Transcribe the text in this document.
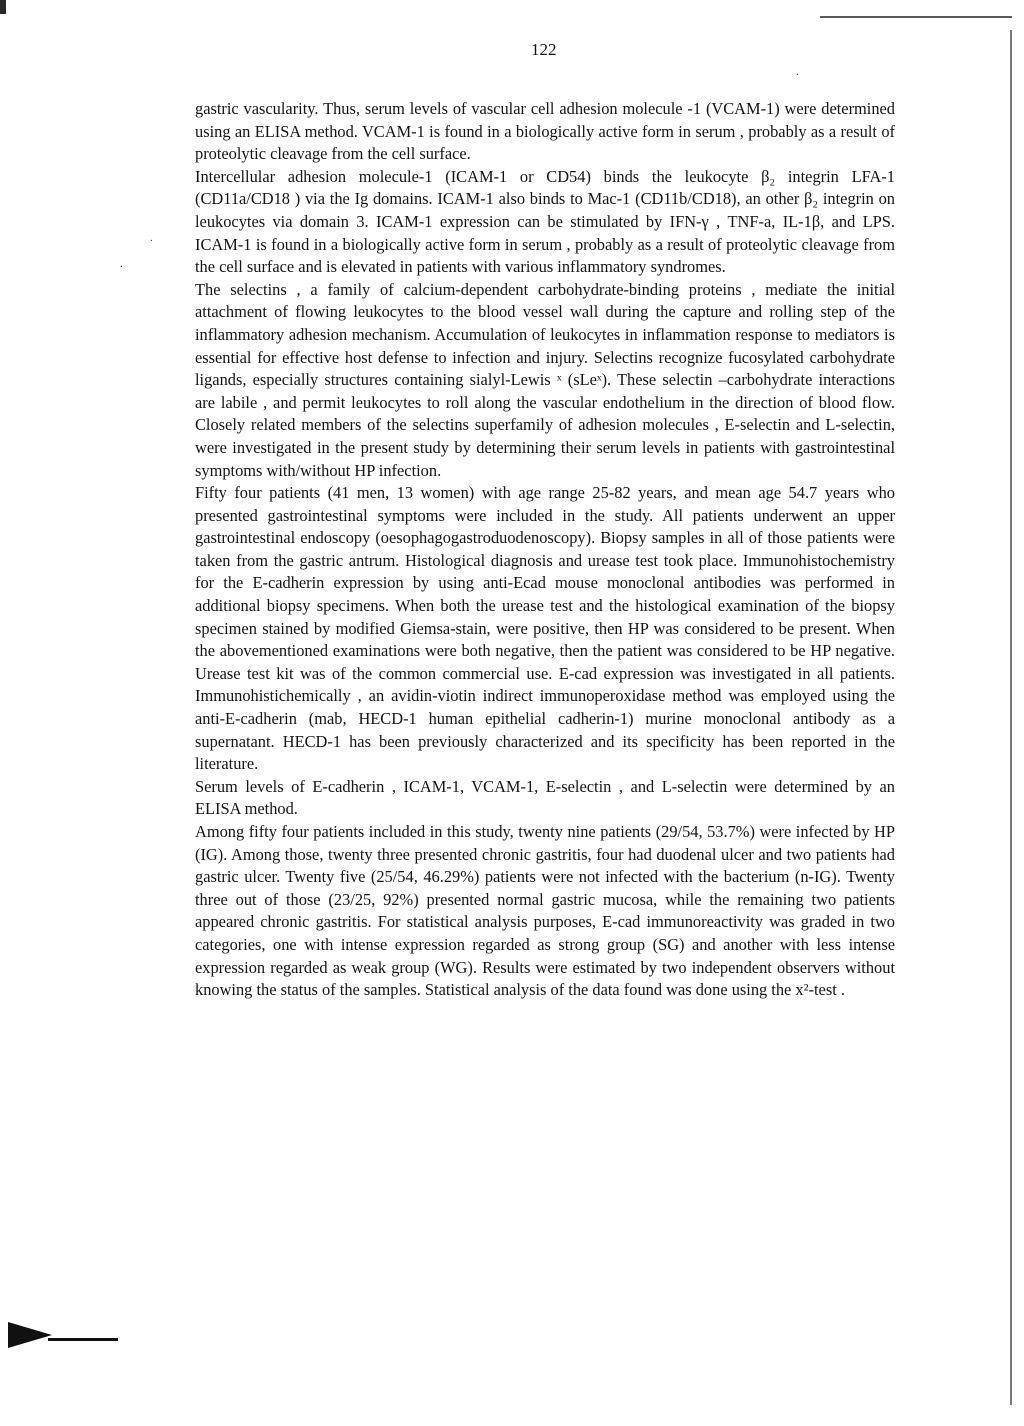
122
.
.
.

gastric vascularity. Thus, serum levels of vascular cell adhesion molecule -1 (VCAM-1) were determined using an ELISA method. VCAM-1 is found in a biologically active form in serum , probably as a result of proteolytic cleavage from the cell surface.

Intercellular adhesion molecule-1 (ICAM-1 or CD54) binds the leukocyte β₂ integrin LFA-1 (CD11a/CD18 ) via the Ig domains. ICAM-1 also binds to Mac-1 (CD11b/CD18), an other β₂ integrin on leukocytes via domain 3. ICAM-1 expression can be stimulated by IFN-γ , TNF-a, IL-1β, and LPS. ICAM-1 is found in a biologically active form in serum , probably as a result of proteolytic cleavage from the cell surface and is elevated in patients with various inflammatory syndromes.

The selectins , a family of calcium-dependent carbohydrate-binding proteins , mediate the initial attachment of flowing leukocytes to the blood vessel wall during the capture and rolling step of the inflammatory adhesion mechanism. Accumulation of leukocytes in inflammation response to mediators is essential for effective host defense to infection and injury. Selectins recognize fucosylated carbohydrate ligands, especially structures containing sialyl-Lewis ˣ (sLeˣ). These selectin –carbohydrate interactions are labile , and permit leukocytes to roll along the vascular endothelium in the direction of blood flow. Closely related members of the selectins superfamily of adhesion molecules , E-selectin and L-selectin, were investigated in the present study by determining their serum levels in patients with gastrointestinal symptoms with/without HP infection.

Fifty four patients (41 men, 13 women) with age range 25-82 years, and mean age 54.7 years who presented gastrointestinal symptoms were included in the study. All patients underwent an upper gastrointestinal endoscopy (oesophagogastroduodenoscopy). Biopsy samples in all of those patients were taken from the gastric antrum. Histological diagnosis and urease test took place. Immunohistochemistry for the E-cadherin expression by using anti-Ecad mouse monoclonal antibodies was performed in additional biopsy specimens. When both the urease test and the histological examination of the biopsy specimen stained by modified Giemsa-stain, were positive, then HP was considered to be present. When the abovementioned examinations were both negative, then the patient was considered to be HP negative. Urease test kit was of the common commercial use. E-cad expression was investigated in all patients. Immunohistichemically , an avidin-viotin indirect immunoperoxidase method was employed using the anti-E-cadherin (mab, HECD-1 human epithelial cadherin-1) murine monoclonal antibody as a supernatant. HECD-1 has been previously characterized and its specificity has been reported in the literature.

Serum levels of E-cadherin , ICAM-1, VCAM-1, E-selectin , and L-selectin were determined by an ELISA method.

Among fifty four patients included in this study, twenty nine patients (29/54, 53.7%) were infected by HP (IG). Among those, twenty three presented chronic gastritis, four had duodenal ulcer and two patients had gastric ulcer. Twenty five (25/54, 46.29%) patients were not infected with the bacterium (n-IG). Twenty three out of those (23/25, 92%) presented normal gastric mucosa, while the remaining two patients appeared chronic gastritis. For statistical analysis purposes, E-cad immunoreactivity was graded in two categories, one with intense expression regarded as strong group (SG) and another with less intense expression regarded as weak group (WG). Results were estimated by two independent observers without knowing the status of the samples. Statistical analysis of the data found was done using the x²-test .
